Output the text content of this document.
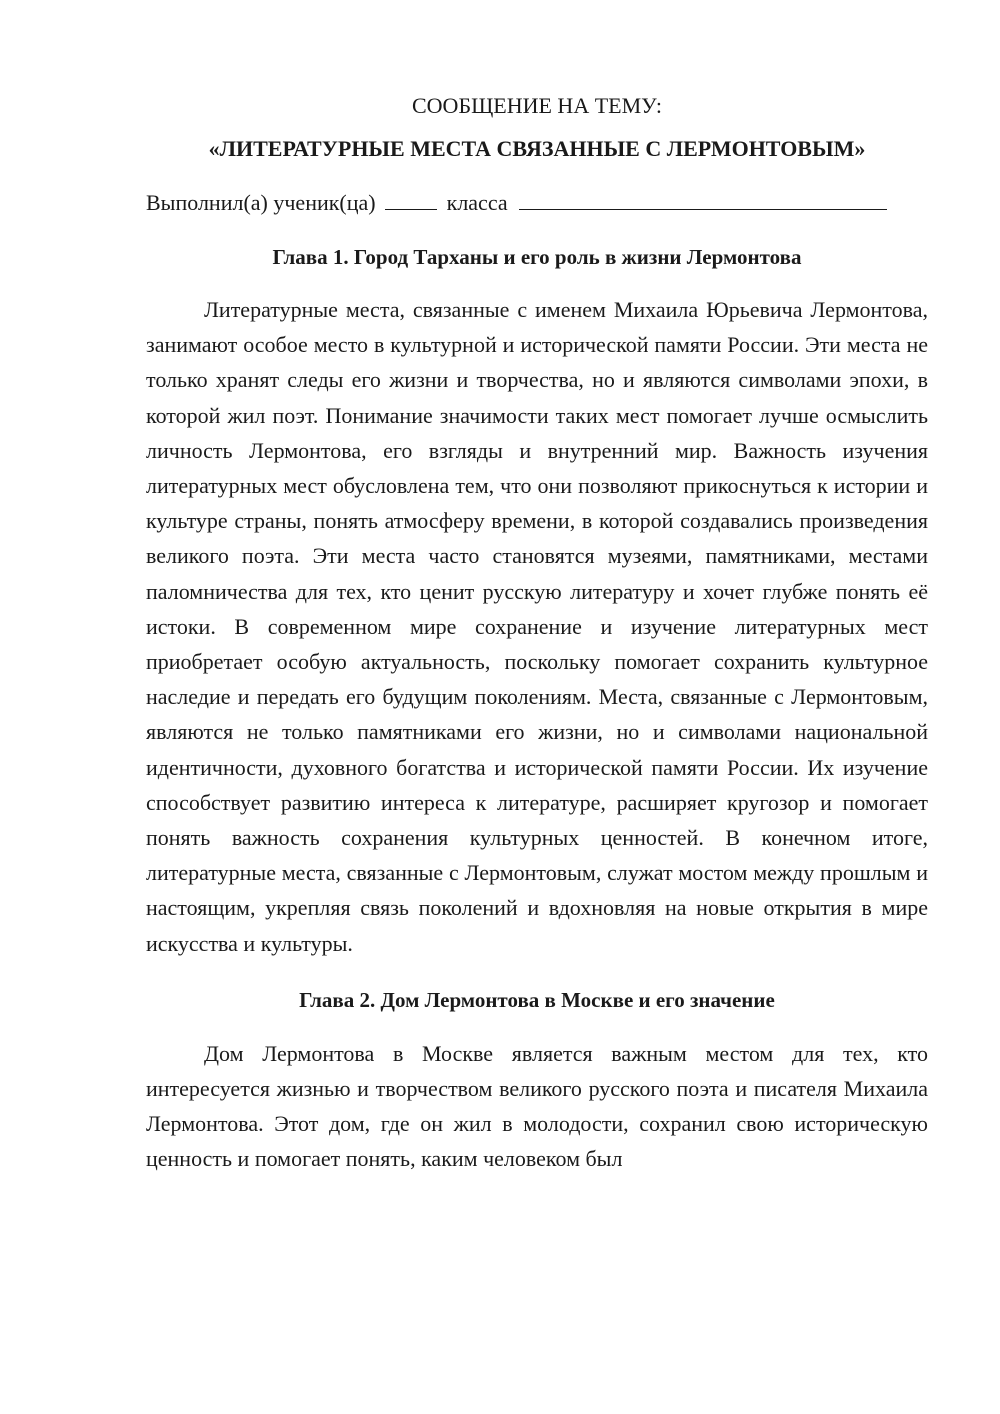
СООБЩЕНИЕ НА ТЕМУ:

«ЛИТЕРАТУРНЫЕ МЕСТА СВЯЗАННЫЕ С ЛЕРМОНТОВЫМ»

Выполнил(а) ученик(ца)	класса
Глава 1. Город Тарханы и его роль в жизни Лермонтова

Литературные места, связанные с именем Михаила Юрьевича Лермонтова, занимают особое место в культурной и исторической памяти России. Эти места не только хранят следы его жизни и творчества, но и являются символами эпохи, в которой жил поэт. Понимание значимости таких мест помогает лучше осмыслить личность Лермонтова, его взгляды и внутренний мир. Важность изучения литературных мест обусловлена тем, что они позволяют прикоснуться к истории и культуре страны, понять атмосферу времени, в которой создавались произведения великого поэта. Эти места часто становятся музеями, памятниками, местами паломничества для тех, кто ценит русскую литературу и хочет глубже понять её истоки. В современном мире сохранение и изучение литературных мест приобретает особую актуальность, поскольку помогает сохранить культурное наследие и передать его будущим поколениям. Места, связанные с Лермонтовым, являются не только памятниками его жизни, но и символами национальной идентичности, духовного богатства и исторической памяти России. Их изучение способствует развитию интереса к литературе, расширяет кругозор и помогает понять важность сохранения культурных ценностей. В конечном итоге, литературные места, связанные с Лермонтовым, служат мостом между прошлым и настоящим, укрепляя связь поколений и вдохновляя на новые открытия в мире искусства и культуры.

Глава 2. Дом Лермонтова в Москве и его значение

Дом Лермонтова в Москве является важным местом для тех, кто интересуется жизнью и творчеством великого русского поэта и писателя Михаила Лермонтова. Этот дом, где он жил в молодости, сохранил свою историческую ценность и помогает понять, каким человеком был
